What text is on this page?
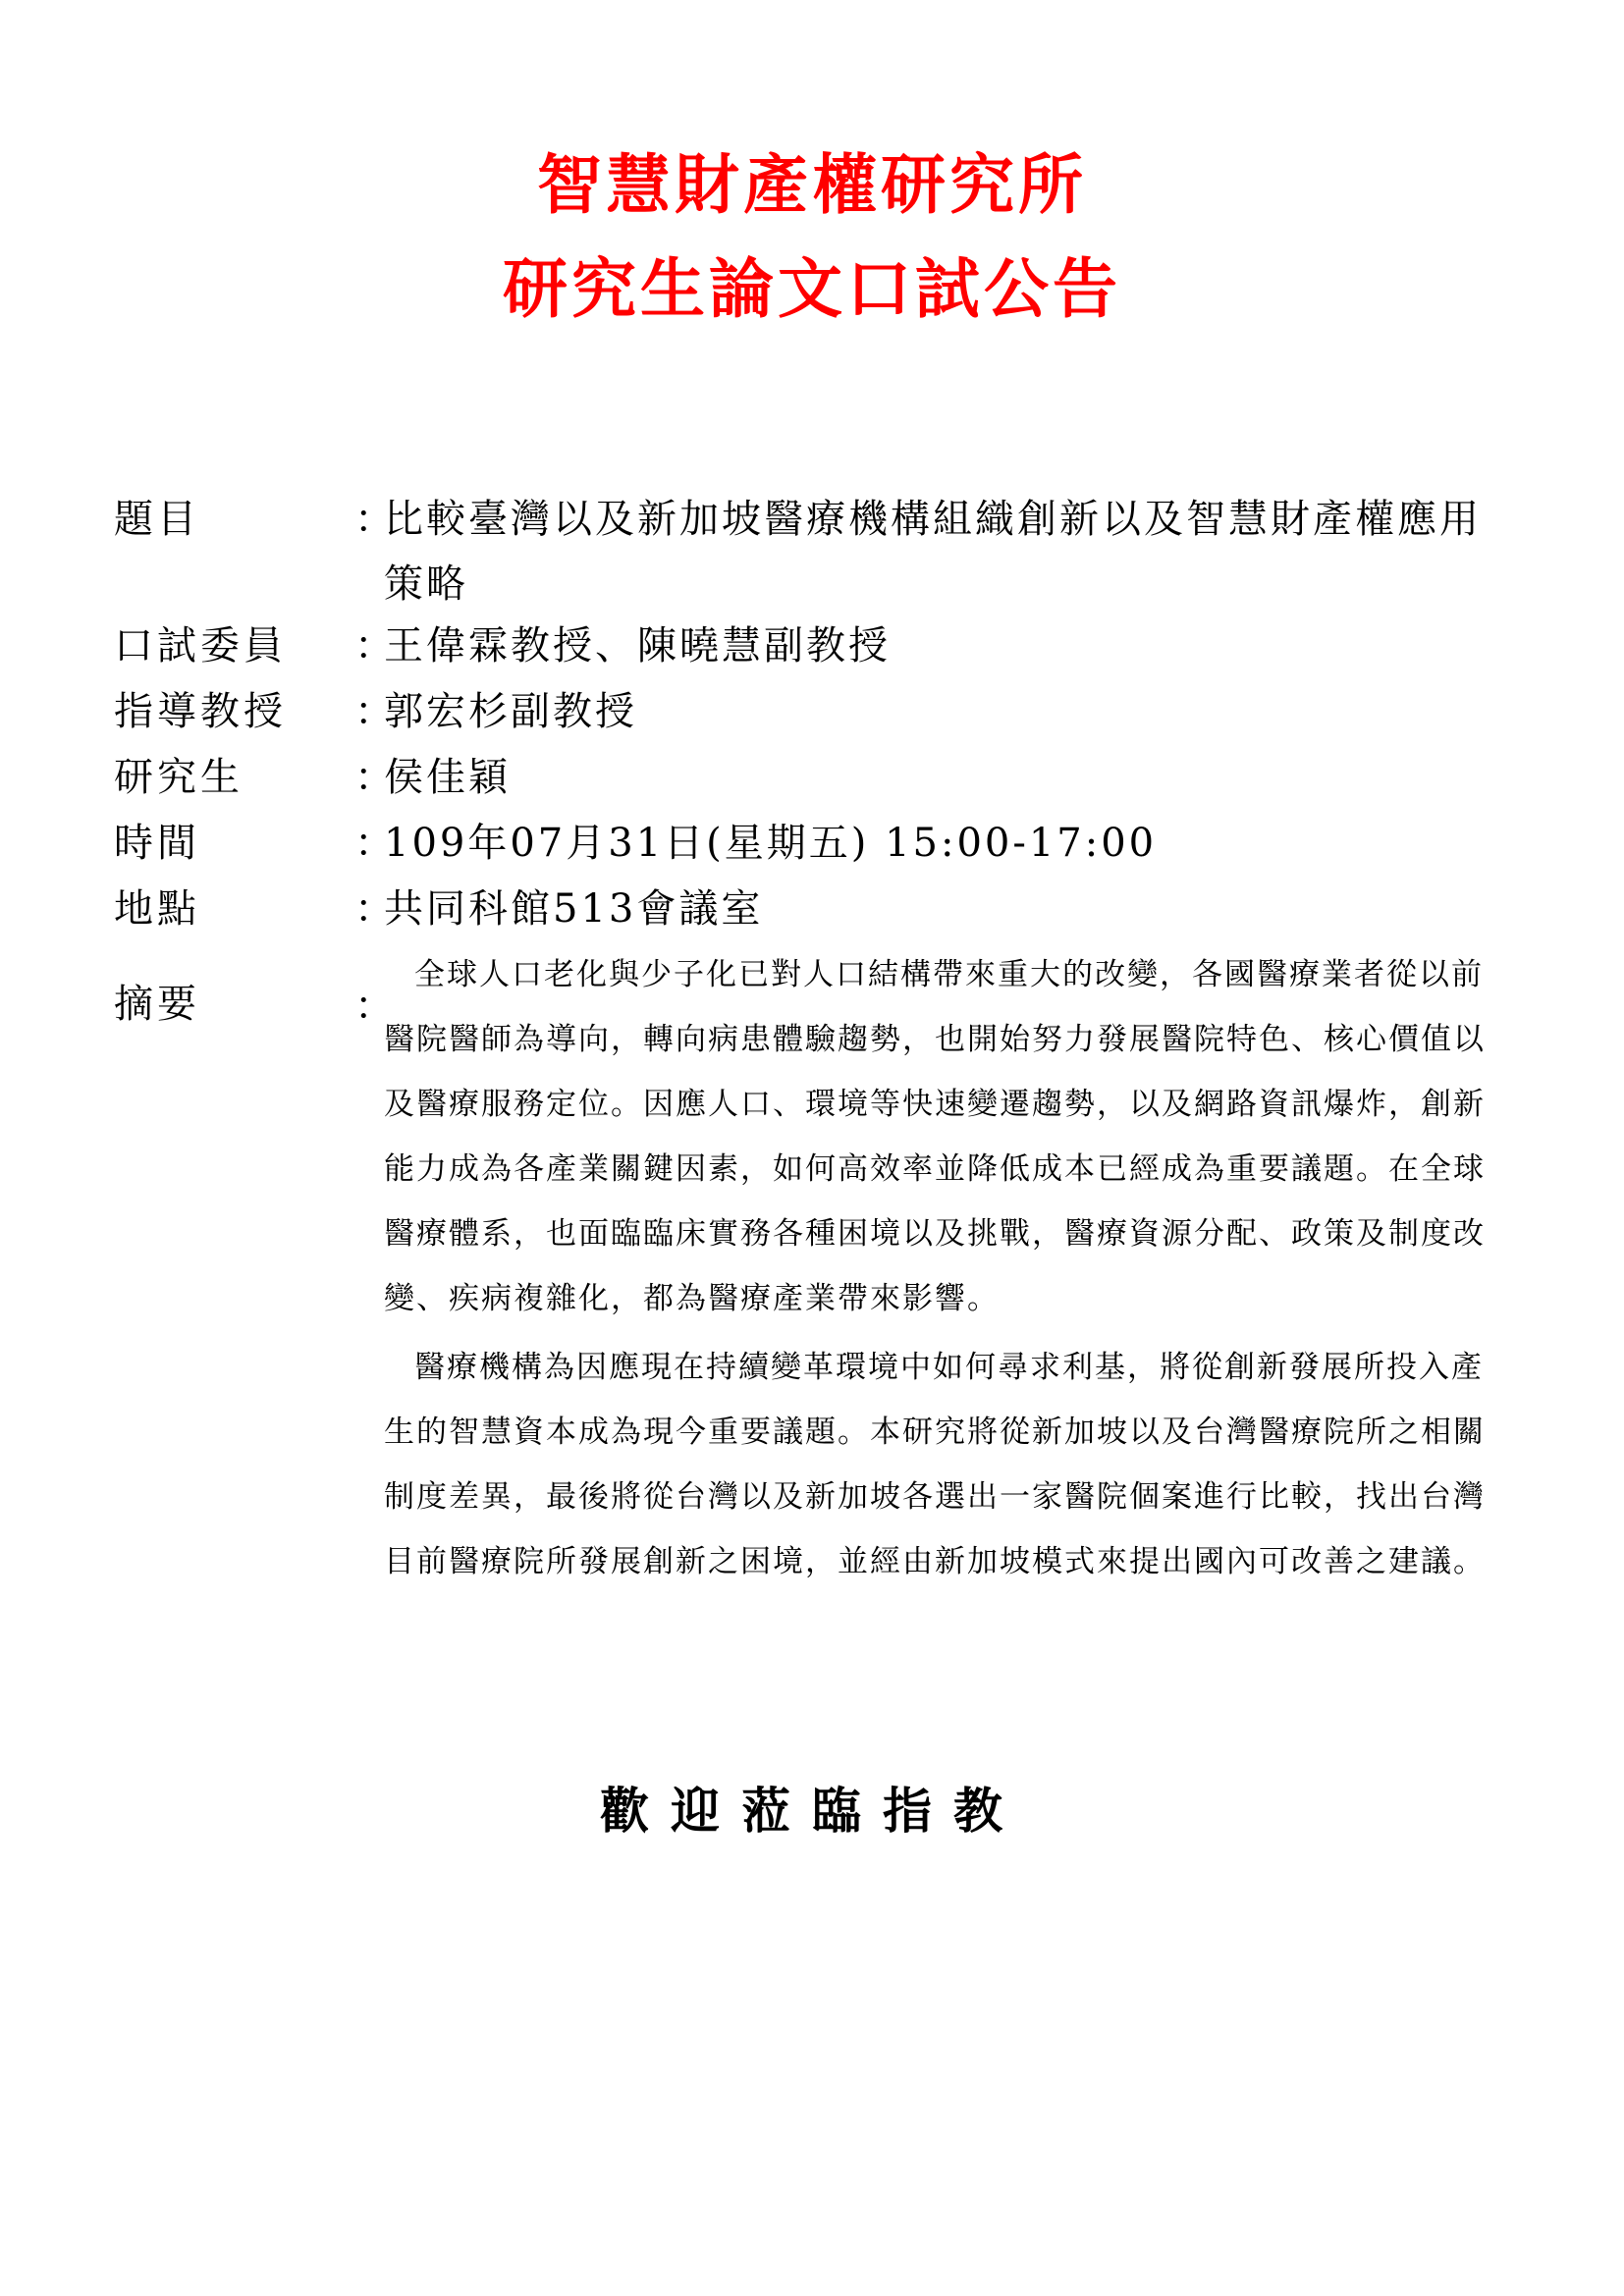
智慧財產權研究所
研究生論文口試公告
題目	：
比較臺灣以及新加坡醫療機構組織創新以及智慧財產權應用策略
口試委員 ：
王偉霖教授、陳曉慧副教授
指導教授 ：
郭宏杉副教授
研究生	：
侯佳穎
時間	：
109年07月31日(星期五) 15:00-17:00
地點	：
共同科館513會議室
摘要	：

全球人口老化與少子化已對人口結構帶來重大的改變，各國醫療業者從以前醫院醫師為導向，轉向病患體驗趨勢，也開始努力發展醫院特色、核心價值以及醫療服務定位。因應人口、環境等快速變遷趨勢，以及網路資訊爆炸，創新能力成為各產業關鍵因素，如何高效率並降低成本已經成為重要議題。在全球醫療體系，也面臨臨床實務各種困境以及挑戰，醫療資源分配、政策及制度改變、疾病複雜化，都為醫療產業帶來影響。

醫療機構為因應現在持續變革環境中如何尋求利基，將從創新發展所投入產生的智慧資本成為現今重要議題。本研究將從新加坡以及台灣醫療院所之相關制度差異，最後將從台灣以及新加坡各選出一家醫院個案進行比較，找出台灣目前醫療院所發展創新之困境，並經由新加坡模式來提出國內可改善之建議。

歡迎蒞臨指教
